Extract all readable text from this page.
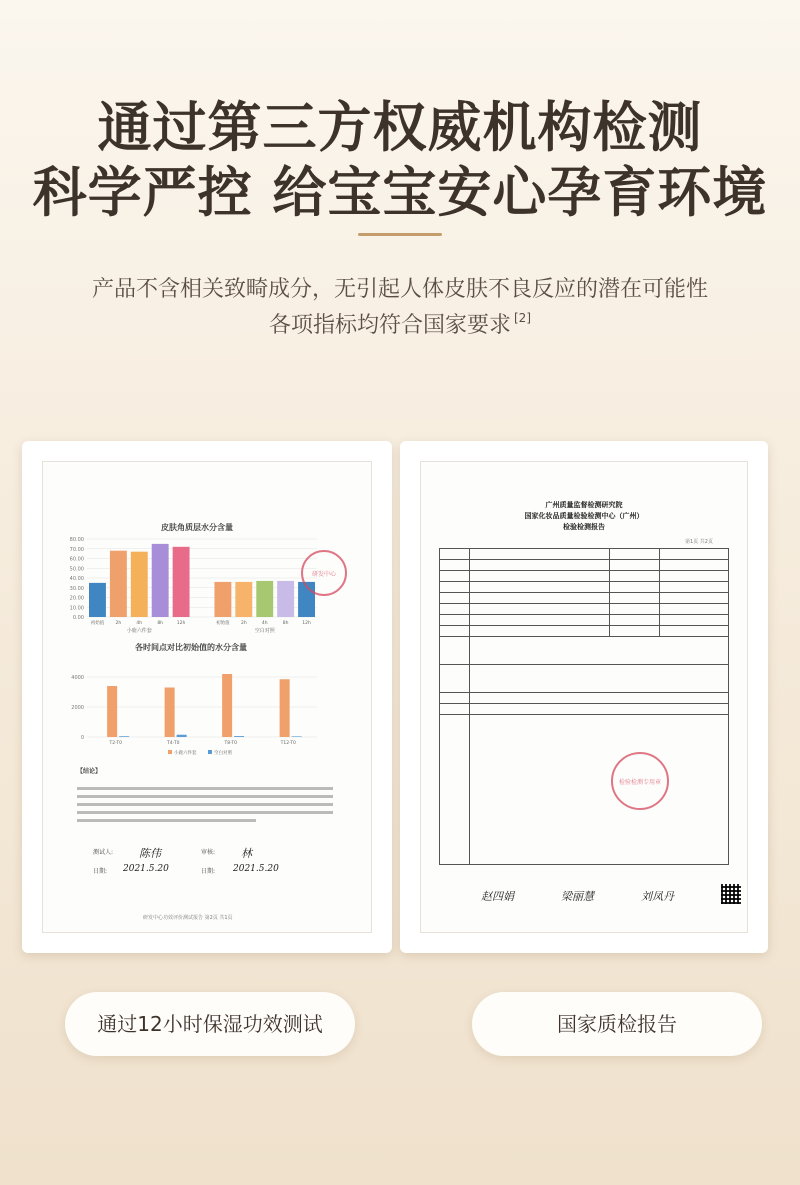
通过第三方权威机构检测
科学严控 给宝宝安心孕育环境
产品不含相关致畸成分，无引起人体皮肤不良反应的潜在可能性
各项指标均符合国家要求 [2]
0.00
10.00
20.00
30.00
40.00
50.00
60.00
70.00
80.00
初始值	2h	4h	8h	12h	初始值	2h	4h	8h	12h
小鹿六件套	空白对照
皮肤角质层水分含量
研发中心
0
2000
4000
T2-T0	T4-T0	T8-T0	T12-T0
小鹿六件套	空白对照
各时间点对比初始值的水分含量
【结论】
测试人: 陈伟	审核: 林
日期: 2021.5.20	日期: 2021.5.20
研发中心功效评价测试报告 第2页 共1页
广州质量监督检测研究院
国家化妆品质量检验检测中心（广州）
检验检测报告
第1页 共2页

检验检测专用章
赵四娟	梁丽慧	刘凤丹
通过12小时保湿功效测试	国家质检报告
